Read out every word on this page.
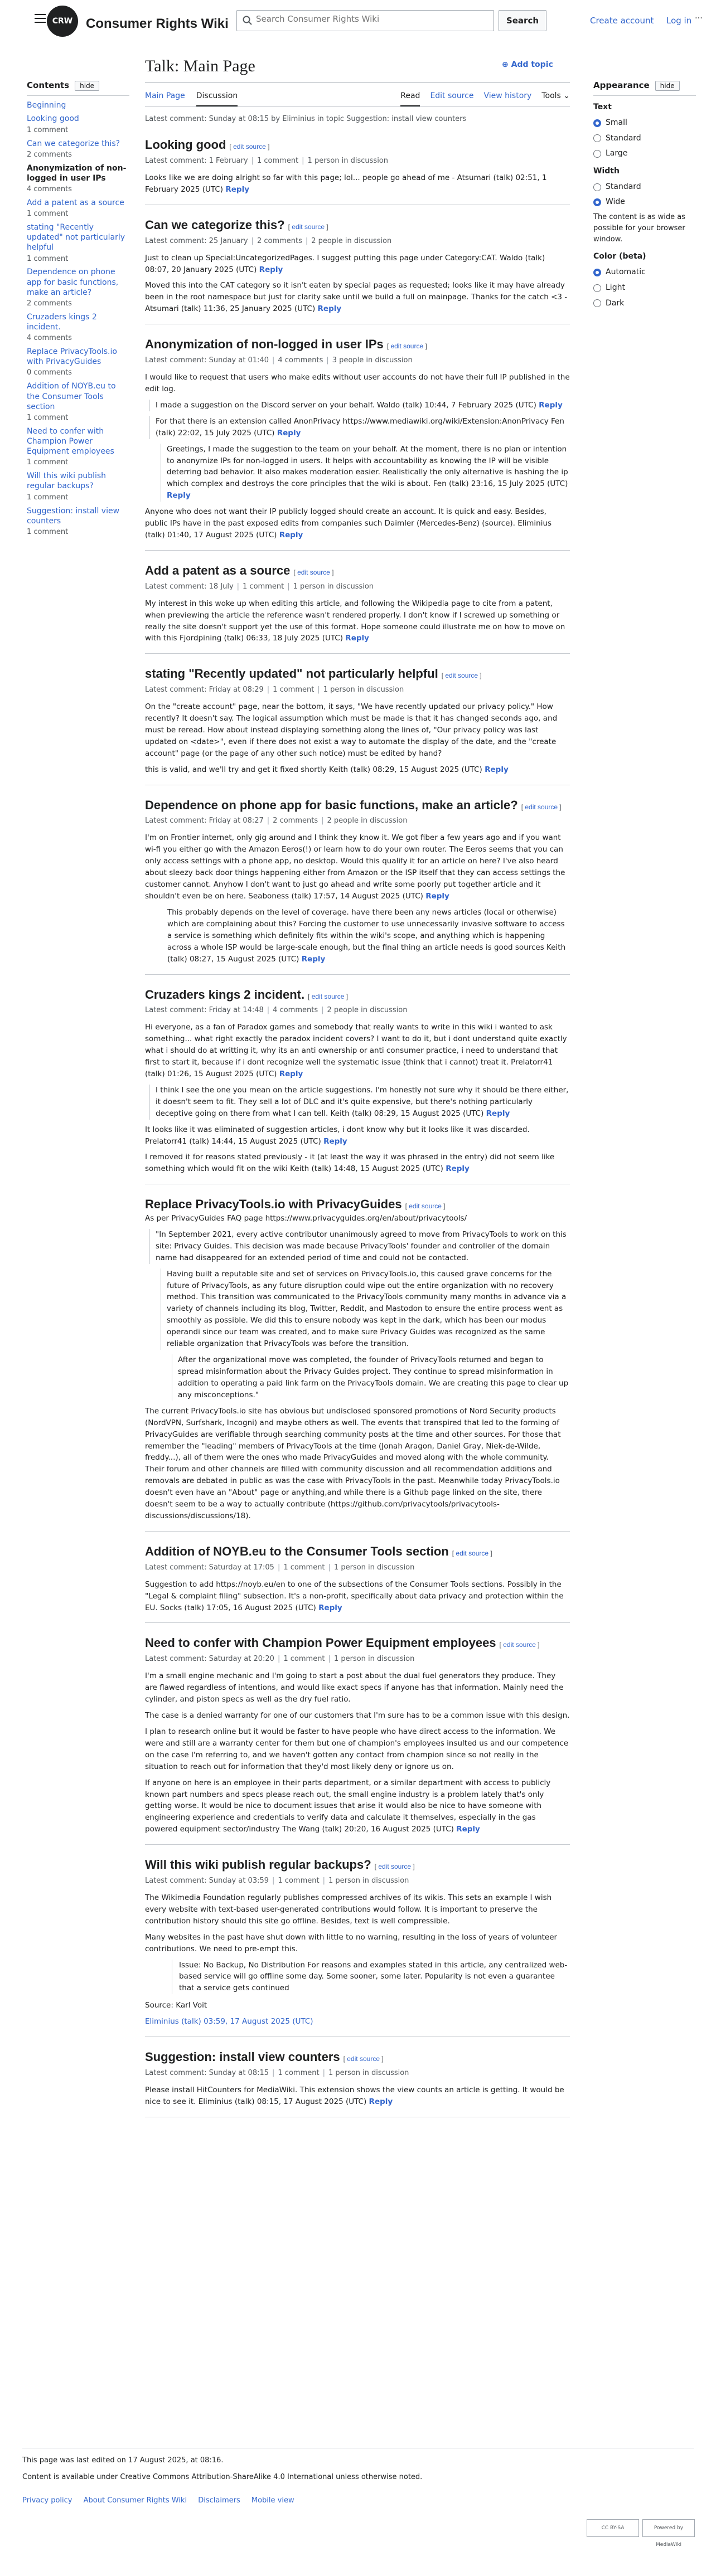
CRW Consumer Rights Wiki
Search Consumer Rights Wiki	Search	Create account Log in ···
Contents hide
Beginning
Looking good
1 comment
Can we categorize this?
2 comments
Anonymization of non-logged in user IPs
4 comments
Add a patent as a source
1 comment
stating "Recently updated" not particularly helpful
1 comment
Dependence on phone app for basic functions, make an article?
2 comments
Cruzaders kings 2 incident.
4 comments
Replace PrivacyTools.io with PrivacyGuides
0 comments
Addition of NOYB.eu to the Consumer Tools section
1 comment
Need to confer with Champion Power Equipment employees
1 comment
Will this wiki publish regular backups?
1 comment
Suggestion: install view counters
1 comment
⊕ Add topic
Talk: Main Page
Main Page Discussion	Read Edit source View history Tools ⌄
Latest comment: Sunday at 08:15 by Eliminius in topic Suggestion: install view counters
Looking good [ edit source ]
Latest comment: 1 February | 1 comment | 1 person in discussion
Looks like we are doing alright so far with this page; lol... people go ahead of me - Atsumari (talk) 02:51, 1 February 2025 (UTC) Reply
Can we categorize this? [ edit source ]
Latest comment: 25 January | 2 comments | 2 people in discussion
Just to clean up Special:UncategorizedPages. I suggest putting this page under Category:CAT. Waldo (talk) 08:07, 20 January 2025 (UTC) Reply
Moved this into the CAT category so it isn't eaten by special pages as requested; looks like it may have already been in the root namespace but just for clarity sake until we build a full on mainpage. Thanks for the catch <3 - Atsumari (talk) 11:36, 25 January 2025 (UTC) Reply
Anonymization of non-logged in user IPs [ edit source ]
Latest comment: Sunday at 01:40 | 4 comments | 3 people in discussion
I would like to request that users who make edits without user accounts do not have their full IP published in the edit log.
I made a suggestion on the Discord server on your behalf. Waldo (talk) 10:44, 7 February 2025 (UTC) Reply
For that there is an extension called AnonPrivacy https://www.mediawiki.org/wiki/Extension:AnonPrivacy Fen (talk) 22:02, 15 July 2025 (UTC) Reply
Greetings, I made the suggestion to the team on your behalf. At the moment, there is no plan or intention to anonymize IPs for non-logged in users. It helps with accountability as knowing the IP will be visible deterring bad behavior. It also makes moderation easier. Realistically the only alternative is hashing the ip which complex and destroys the core principles that the wiki is about. Fen (talk) 23:16, 15 July 2025 (UTC) Reply
Anyone who does not want their IP publicly logged should create an account. It is quick and easy. Besides, public IPs have in the past exposed edits from companies such Daimler (Mercedes-Benz) (source). Eliminius (talk) 01:40, 17 August 2025 (UTC) Reply
Add a patent as a source [ edit source ]
Latest comment: 18 July | 1 comment | 1 person in discussion
My interest in this woke up when editing this article, and following the Wikipedia page to cite from a patent, when previewing the article the reference wasn't rendered properly. I don't know if I screwed up something or really the site doesn't support yet the use of this format. Hope someone could illustrate me on how to move on with this Fjordpining (talk) 06:33, 18 July 2025 (UTC) Reply
stating "Recently updated" not particularly helpful [ edit source ]
Latest comment: Friday at 08:29 | 1 comment | 1 person in discussion
On the "create account" page, near the bottom, it says, "We have recently updated our privacy policy." How recently? It doesn't say. The logical assumption which must be made is that it has changed seconds ago, and must be reread. How about instead displaying something along the lines of, "Our privacy policy was last updated on <date>", even if there does not exist a way to automate the display of the date, and the "create account" page (or the page of any other such notice) must be edited by hand?
this is valid, and we'll try and get it fixed shortly Keith (talk) 08:29, 15 August 2025 (UTC) Reply
Dependence on phone app for basic functions, make an article? [ edit source ]
Latest comment: Friday at 08:27 | 2 comments | 2 people in discussion
I'm on Frontier internet, only gig around and I think they know it. We got fiber a few years ago and if you want wi-fi you either go with the Amazon Eeros(!) or learn how to do your own router. The Eeros seems that you can only access settings with a phone app, no desktop. Would this qualify it for an article on here? I've also heard about sleezy back door things happening either from Amazon or the ISP itself that they can access settings the customer cannot. Anyhow I don't want to just go ahead and write some poorly put together article and it shouldn't even be on here. Seaboness (talk) 17:57, 14 August 2025 (UTC) Reply
This probably depends on the level of coverage. have there been any news articles (local or otherwise) which are complaining about this? Forcing the customer to use unnecessarily invasive software to access a service is something which definitely fits within the wiki's scope, and anything which is happening across a whole ISP would be large-scale enough, but the final thing an article needs is good sources Keith (talk) 08:27, 15 August 2025 (UTC) Reply
Cruzaders kings 2 incident. [ edit source ]
Latest comment: Friday at 14:48 | 4 comments | 2 people in discussion
Hi everyone, as a fan of Paradox games and somebody that really wants to write in this wiki i wanted to ask something... what right exactly the paradox incident covers? I want to do it, but i dont understand quite exactly what i should do at writting it, why its an anti ownership or anti consumer practice, i need to understand that first to start it, because if i dont recognize well the systematic issue (think that i cannot) treat it. Prelatorr41 (talk) 01:26, 15 August 2025 (UTC) Reply
I think I see the one you mean on the article suggestions. I'm honestly not sure why it should be there either, it doesn't seem to fit. They sell a lot of DLC and it's quite expensive, but there's nothing particularly deceptive going on there from what I can tell. Keith (talk) 08:29, 15 August 2025 (UTC) Reply
It looks like it was eliminated of suggestion articles, i dont know why but it looks like it was discarded. Prelatorr41 (talk) 14:44, 15 August 2025 (UTC) Reply
I removed it for reasons stated previously - it (at least the way it was phrased in the entry) did not seem like something which would fit on the wiki Keith (talk) 14:48, 15 August 2025 (UTC) Reply
Replace PrivacyTools.io with PrivacyGuides [ edit source ]
As per PrivacyGuides FAQ page https://www.privacyguides.org/en/about/privacytools/
"In September 2021, every active contributor unanimously agreed to move from PrivacyTools to work on this site: Privacy Guides. This decision was made because PrivacyTools' founder and controller of the domain name had disappeared for an extended period of time and could not be contacted.
Having built a reputable site and set of services on PrivacyTools.io, this caused grave concerns for the future of PrivacyTools, as any future disruption could wipe out the entire organization with no recovery method. This transition was communicated to the PrivacyTools community many months in advance via a variety of channels including its blog, Twitter, Reddit, and Mastodon to ensure the entire process went as smoothly as possible. We did this to ensure nobody was kept in the dark, which has been our modus operandi since our team was created, and to make sure Privacy Guides was recognized as the same reliable organization that PrivacyTools was before the transition.
After the organizational move was completed, the founder of PrivacyTools returned and began to spread misinformation about the Privacy Guides project. They continue to spread misinformation in addition to operating a paid link farm on the PrivacyTools domain. We are creating this page to clear up any misconceptions."
The current PrivacyTools.io site has obvious but undisclosed sponsored promotions of Nord Security products (NordVPN, Surfshark, Incogni) and maybe others as well. The events that transpired that led to the forming of PrivacyGuides are verifiable through searching community posts at the time and other sources. For those that remember the "leading" members of PrivacyTools at the time (Jonah Aragon, Daniel Gray, Niek-de-Wilde, freddy...), all of them were the ones who made PrivacyGuides and moved along with the whole community. Their forum and other channels are filled with community discussion and all recommendation additions and removals are debated in public as was the case with PrivacyTools in the past. Meanwhile today PrivacyTools.io doesn't even have an "About" page or anything,and while there is a Github page linked on the site, there doesn't seem to be a way to actually contribute (https://github.com/privacytools/privacytools-discussions/discussions/18).
Addition of NOYB.eu to the Consumer Tools section [ edit source ]
Latest comment: Saturday at 17:05 | 1 comment | 1 person in discussion
Suggestion to add https://noyb.eu/en to one of the subsections of the Consumer Tools sections. Possibly in the "Legal & complaint filing" subsection. It's a non-profit, specifically about data privacy and protection within the EU. Socks (talk) 17:05, 16 August 2025 (UTC) Reply
Need to confer with Champion Power Equipment employees [ edit source ]
Latest comment: Saturday at 20:20 | 1 comment | 1 person in discussion
I'm a small engine mechanic and I'm going to start a post about the dual fuel generators they produce. They are flawed regardless of intentions, and would like exact specs if anyone has that information. Mainly need the cylinder, and piston specs as well as the dry fuel ratio.
The case is a denied warranty for one of our customers that I'm sure has to be a common issue with this design.
I plan to research online but it would be faster to have people who have direct access to the information. We were and still are a warranty center for them but one of champion's employees insulted us and our competence on the case I'm referring to, and we haven't gotten any contact from champion since so not really in the situation to reach out for information that they'd most likely deny or ignore us on.
If anyone on here is an employee in their parts department, or a similar department with access to publicly known part numbers and specs please reach out, the small engine industry is a problem lately that's only getting worse. It would be nice to document issues that arise it would also be nice to have someone with engineering experience and credentials to verify data and calculate it themselves, especially in the gas powered equipment sector/industry The Wang (talk) 20:20, 16 August 2025 (UTC) Reply
Will this wiki publish regular backups? [ edit source ]
Latest comment: Sunday at 03:59 | 1 comment | 1 person in discussion
The Wikimedia Foundation regularly publishes compressed archives of its wikis. This sets an example I wish every website with text-based user-generated contributions would follow. It is important to preserve the contribution history should this site go offline. Besides, text is well compressible.
Many websites in the past have shut down with little to no warning, resulting in the loss of years of volunteer contributions. We need to pre-empt this.
Issue: No Backup, No Distribution For reasons and examples stated in this article, any centralized web-based service will go offline some day. Some sooner, some later. Popularity is not even a guarantee that a service gets continued
Source: Karl Voit
Eliminius (talk) 03:59, 17 August 2025 (UTC)
Suggestion: install view counters [ edit source ]
Latest comment: Sunday at 08:15 | 1 comment | 1 person in discussion
Please install HitCounters for MediaWiki. This extension shows the view counts an article is getting. It would be nice to see it. Eliminius (talk) 08:15, 17 August 2025 (UTC) Reply
Appearance hide
Text
Small
Standard
Large
Width
Standard
Wide
The content is as wide as possible for your browser window.
Color (beta)
Automatic
Light
Dark
This page was last edited on 17 August 2025, at 08:16.
Content is available under Creative Commons Attribution-ShareAlike 4.0 International unless otherwise noted.
Privacy policy About Consumer Rights Wiki Disclaimers Mobile view
CC BY-SA	Powered by MediaWiki
